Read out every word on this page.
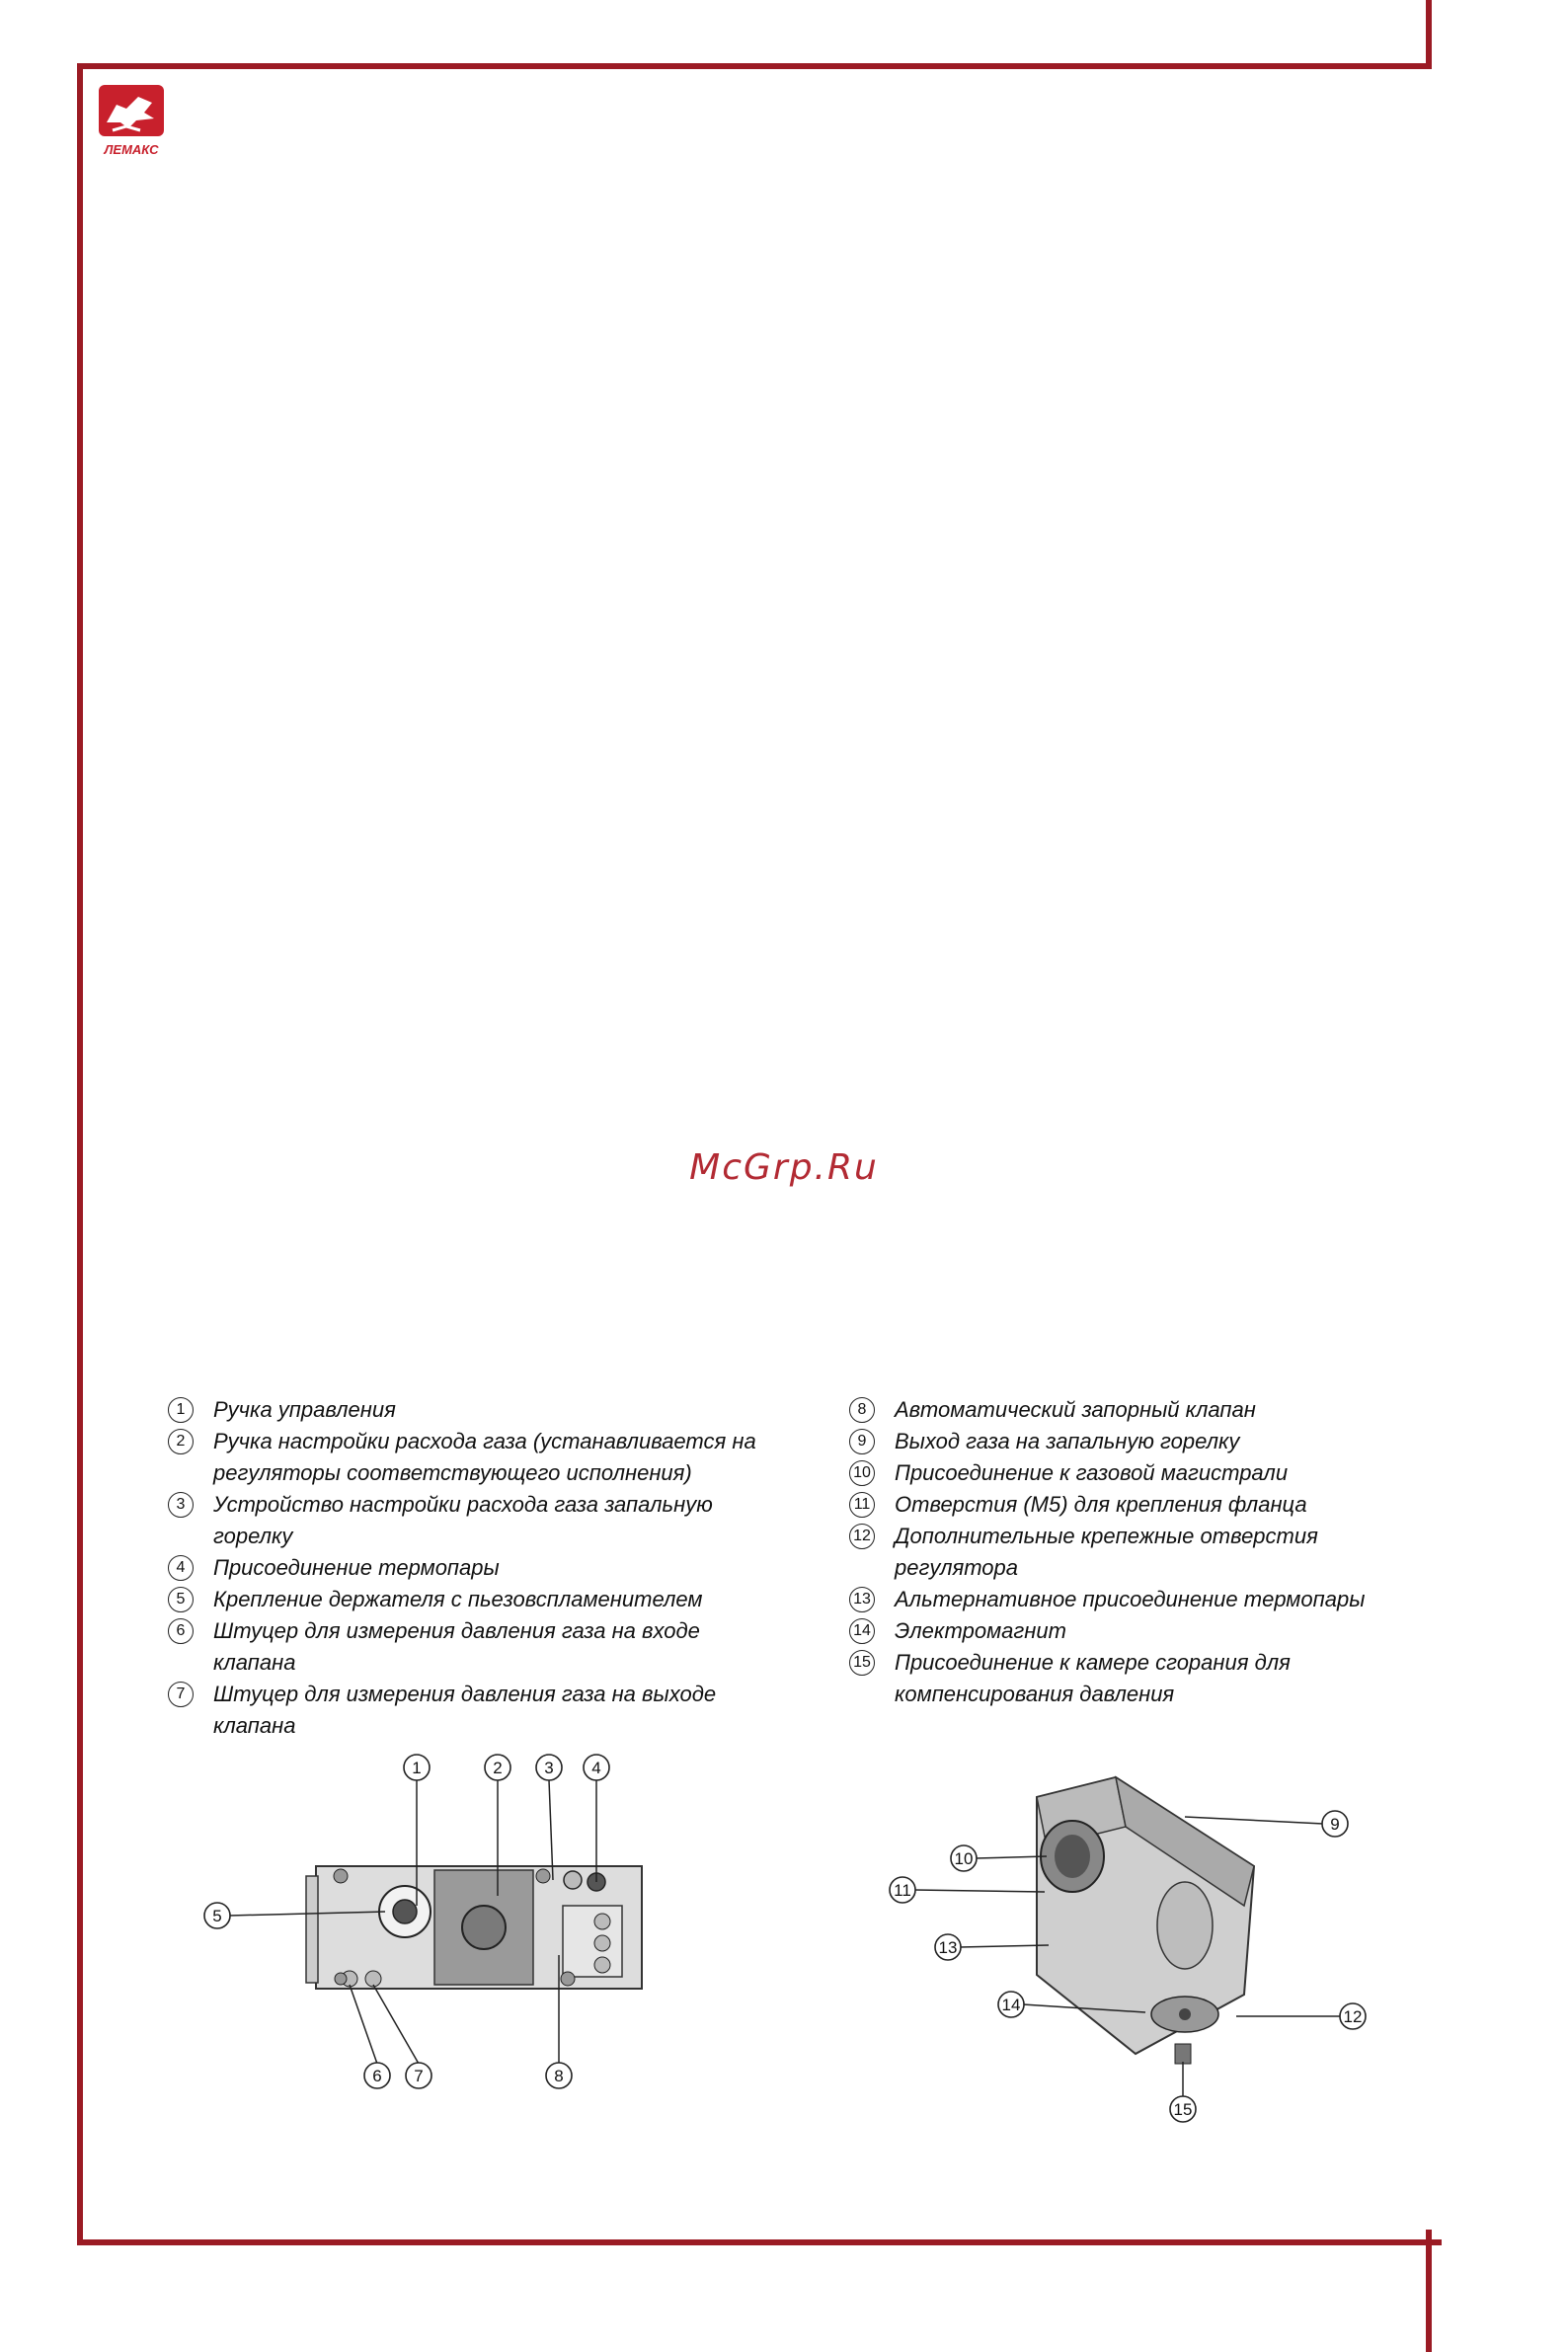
ЛЕМАКС
McGrp.Ru
1	Ручка управления
2	Ручка настройки расхода газа (устанавливается на регуляторы соответствующего исполнения)
3	Устройство настройки расхода газа запальную горелку
4	Присоединение термопары
5	Крепление держателя с пьезовспламенителем
6	Штуцер для измерения давления газа на входе клапана
7	Штуцер для измерения давления газа на выходе клапана
8	Автоматический запорный клапан
9	Выход газа на запальную горелку
10 Присоединение к газовой магистрали
11 Отверстия (M5) для крепления фланца
12 Дополнительные крепежные отверстия регулятора
13 Альтернативное присоединение термопары
14 Электромагнит
15 Присоединение к камере сгорания для компенсирования давления
1	2	3 4
5
6 7	8
9
10
11
13
14
12
15
